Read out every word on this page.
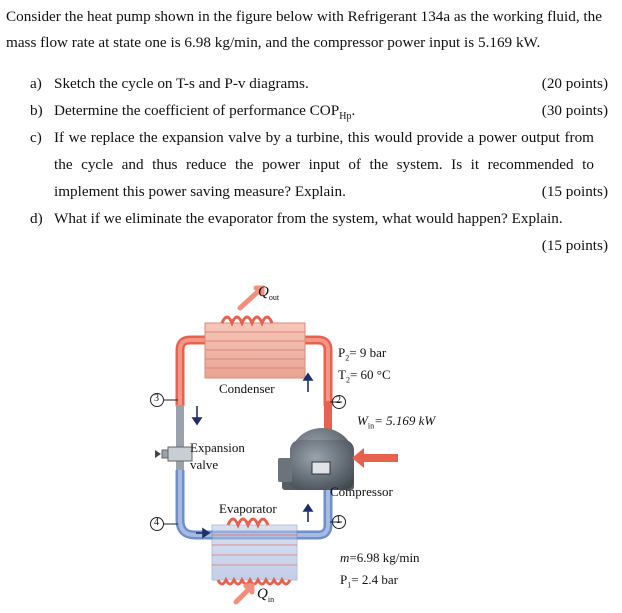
Consider the heat pump shown in the figure below with Refrigerant 134a as the working fluid, the mass flow rate at state one is 6.98 kg/min, and the compressor power input is 5.169 kW.
a) Sketch the cycle on T-s and P-v diagrams.	(20 points)
b) Determine the coefficient of performance $COP_{Hp}$.	(30 points)
c) If we replace the expansion valve by a turbine, this would provide a power output from the cycle and thus reduce the power input of the system. Is it recommended to implement this power saving measure? Explain.	(15 points)
d) What if we eliminate the evaporator from the system, what would happen? Explain.
(15 points)
3
4
2
1
$Q_{out}$
$Q_{in}$
Condenser
Expansion
valve
Evaporator
Compressor
$P_2= 9$ bar
$T_2= 60$ °C
$W_{in}= 5.169$ kW
m=6.98 kg/min
$P_1= 2.4$ bar
